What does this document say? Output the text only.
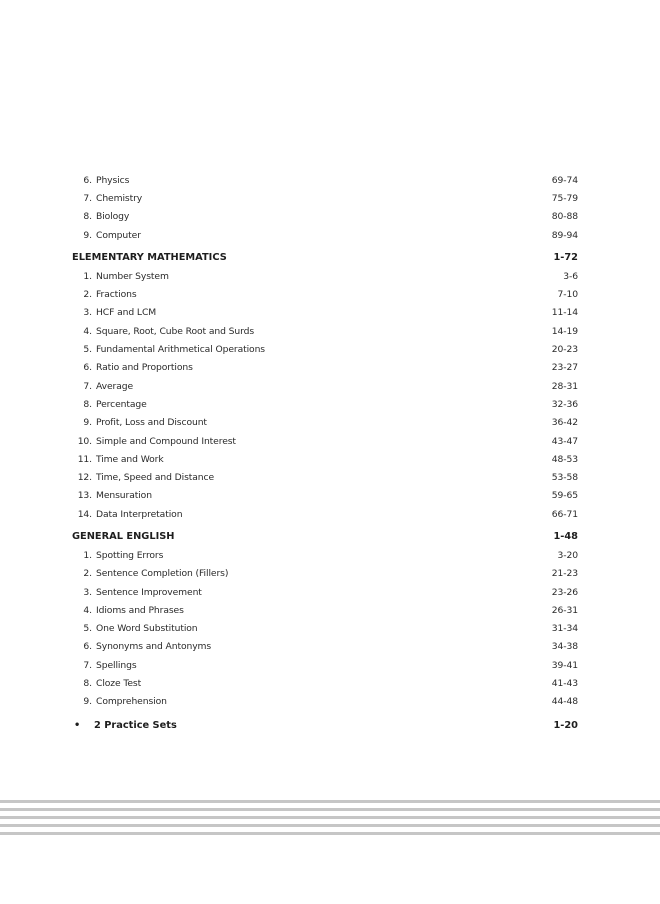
6. Physics	69-74
7. Chemistry	75-79
8. Biology	80-88
9. Computer	89-94
ELEMENTARY MATHEMATICS	1-72
1. Number System	3-6
2. Fractions	7-10
3. HCF and LCM	11-14
4. Square, Root, Cube Root and Surds	14-19
5. Fundamental Arithmetical Operations	20-23
6. Ratio and Proportions	23-27
7. Average	28-31
8. Percentage	32-36
9. Profit, Loss and Discount	36-42
10. Simple and Compound Interest	43-47
11. Time and Work	48-53
12. Time, Speed and Distance	53-58
13. Mensuration	59-65
14. Data Interpretation	66-71
GENERAL ENGLISH	1-48
1. Spotting Errors	3-20
2. Sentence Completion (Fillers)	21-23
3. Sentence Improvement	23-26
4. Idioms and Phrases	26-31
5. One Word Substitution	31-34
6. Synonyms and Antonyms	34-38
7. Spellings	39-41
8. Cloze Test	41-43
9. Comprehension	44-48
•	2 Practice Sets	1-20
